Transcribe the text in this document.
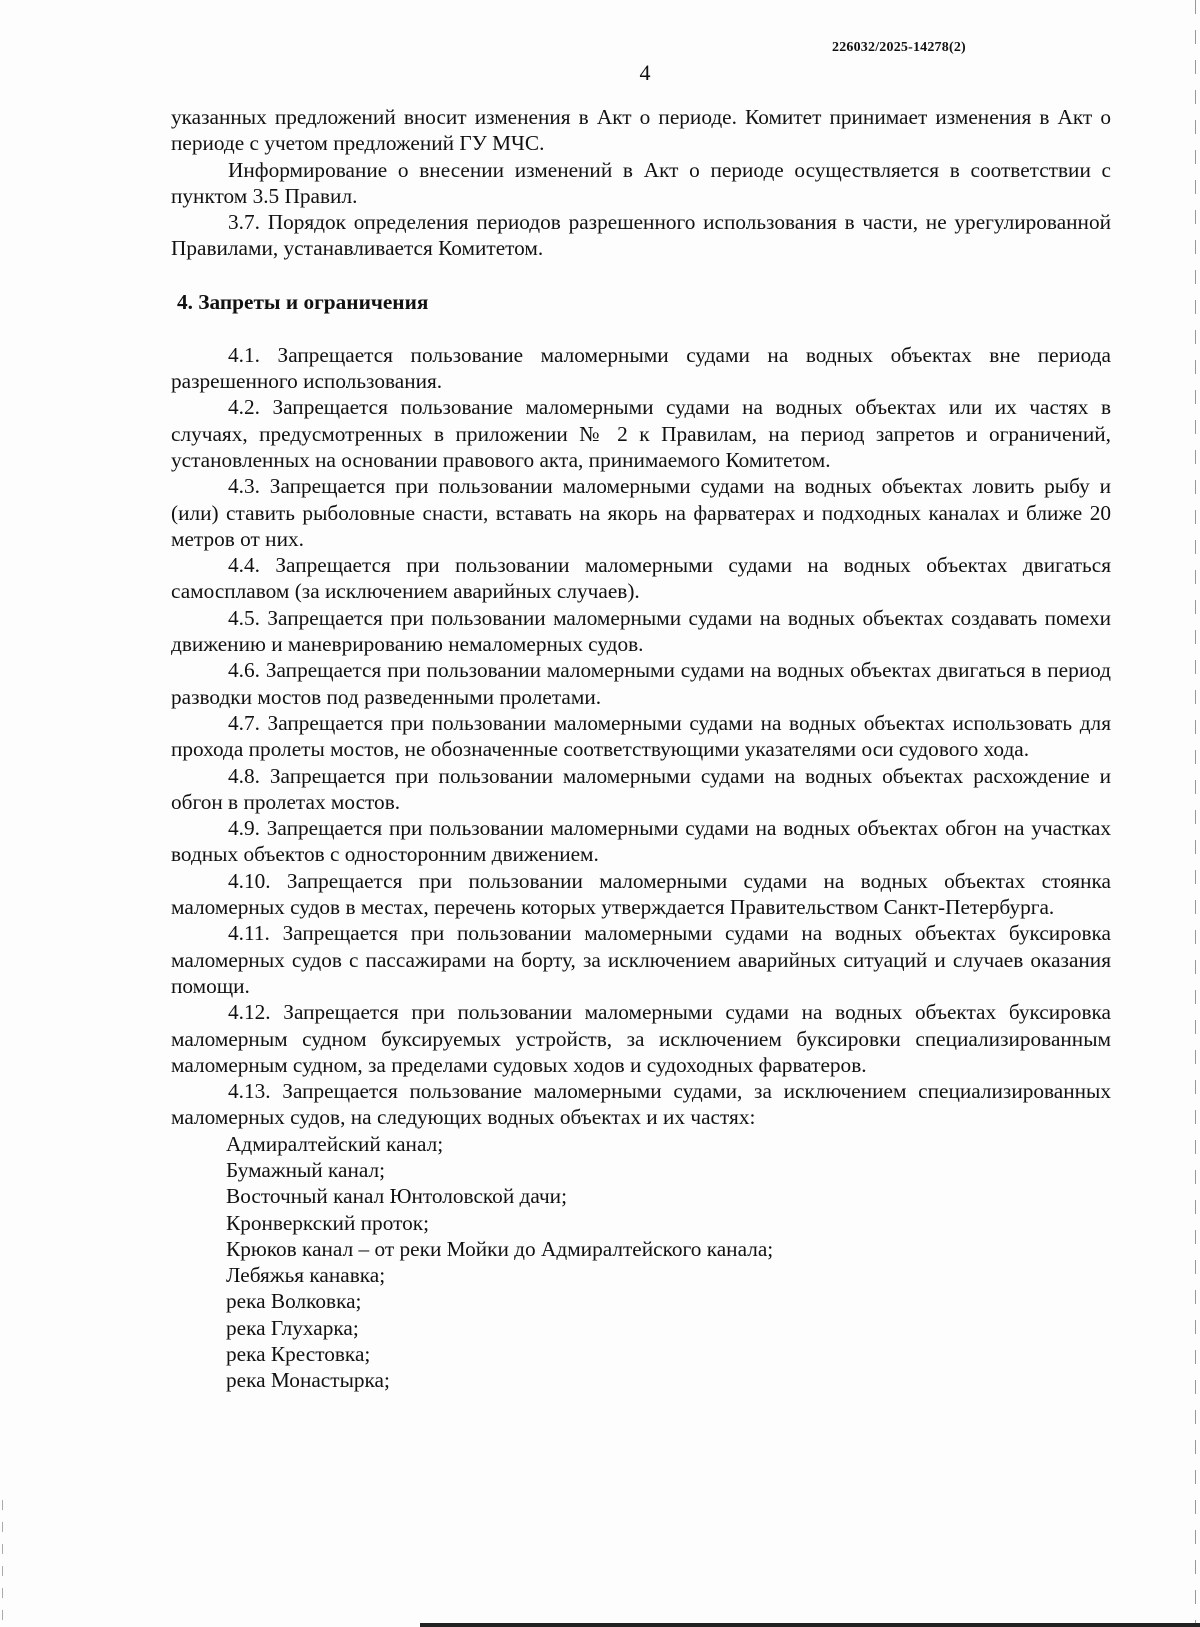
226032/2025-14278(2)
4

указанных предложений вносит изменения в Акт о периоде. Комитет принимает изменения в Акт о периоде с учетом предложений ГУ МЧС.

Информирование о внесении изменений в Акт о периоде осуществляется в соответствии с пунктом 3.5 Правил.

3.7. Порядок определения периодов разрешенного использования в части, не урегулированной Правилами, устанавливается Комитетом.

4. Запреты и ограничения

4.1. Запрещается пользование маломерными судами на водных объектах вне периода разрешенного использования.

4.2. Запрещается пользование маломерными судами на водных объектах или их частях в случаях, предусмотренных в приложении № 2 к Правилам, на период запретов и ограничений, установленных на основании правового акта, принимаемого Комитетом.

4.3. Запрещается при пользовании маломерными судами на водных объектах ловить рыбу и (или) ставить рыболовные снасти, вставать на якорь на фарватерах и подходных каналах и ближе 20 метров от них.

4.4. Запрещается при пользовании маломерными судами на водных объектах двигаться самосплавом (за исключением аварийных случаев).

4.5. Запрещается при пользовании маломерными судами на водных объектах создавать помехи движению и маневрированию немаломерных судов.

4.6. Запрещается при пользовании маломерными судами на водных объектах двигаться в период разводки мостов под разведенными пролетами.

4.7. Запрещается при пользовании маломерными судами на водных объектах использовать для прохода пролеты мостов, не обозначенные соответствующими указателями оси судового хода.

4.8. Запрещается при пользовании маломерными судами на водных объектах расхождение и обгон в пролетах мостов.

4.9. Запрещается при пользовании маломерными судами на водных объектах обгон на участках водных объектов с односторонним движением.

4.10. Запрещается при пользовании маломерными судами на водных объектах стоянка маломерных судов в местах, перечень которых утверждается Правительством Санкт-Петербурга.

4.11. Запрещается при пользовании маломерными судами на водных объектах буксировка маломерных судов с пассажирами на борту, за исключением аварийных ситуаций и случаев оказания помощи.

4.12. Запрещается при пользовании маломерными судами на водных объектах буксировка маломерным судном буксируемых устройств, за исключением буксировки специализированным маломерным судном, за пределами судовых ходов и судоходных фарватеров.

4.13. Запрещается пользование маломерными судами, за исключением специализированных маломерных судов, на следующих водных объектах и их частях:

Адмиралтейский канал;

Бумажный канал;

Восточный канал Юнтоловской дачи;

Кронверкский проток;

Крюков канал – от реки Мойки до Адмиралтейского канала;

Лебяжья канавка;

река Волковка;

река Глухарка;

река Крестовка;

река Монастырка;
